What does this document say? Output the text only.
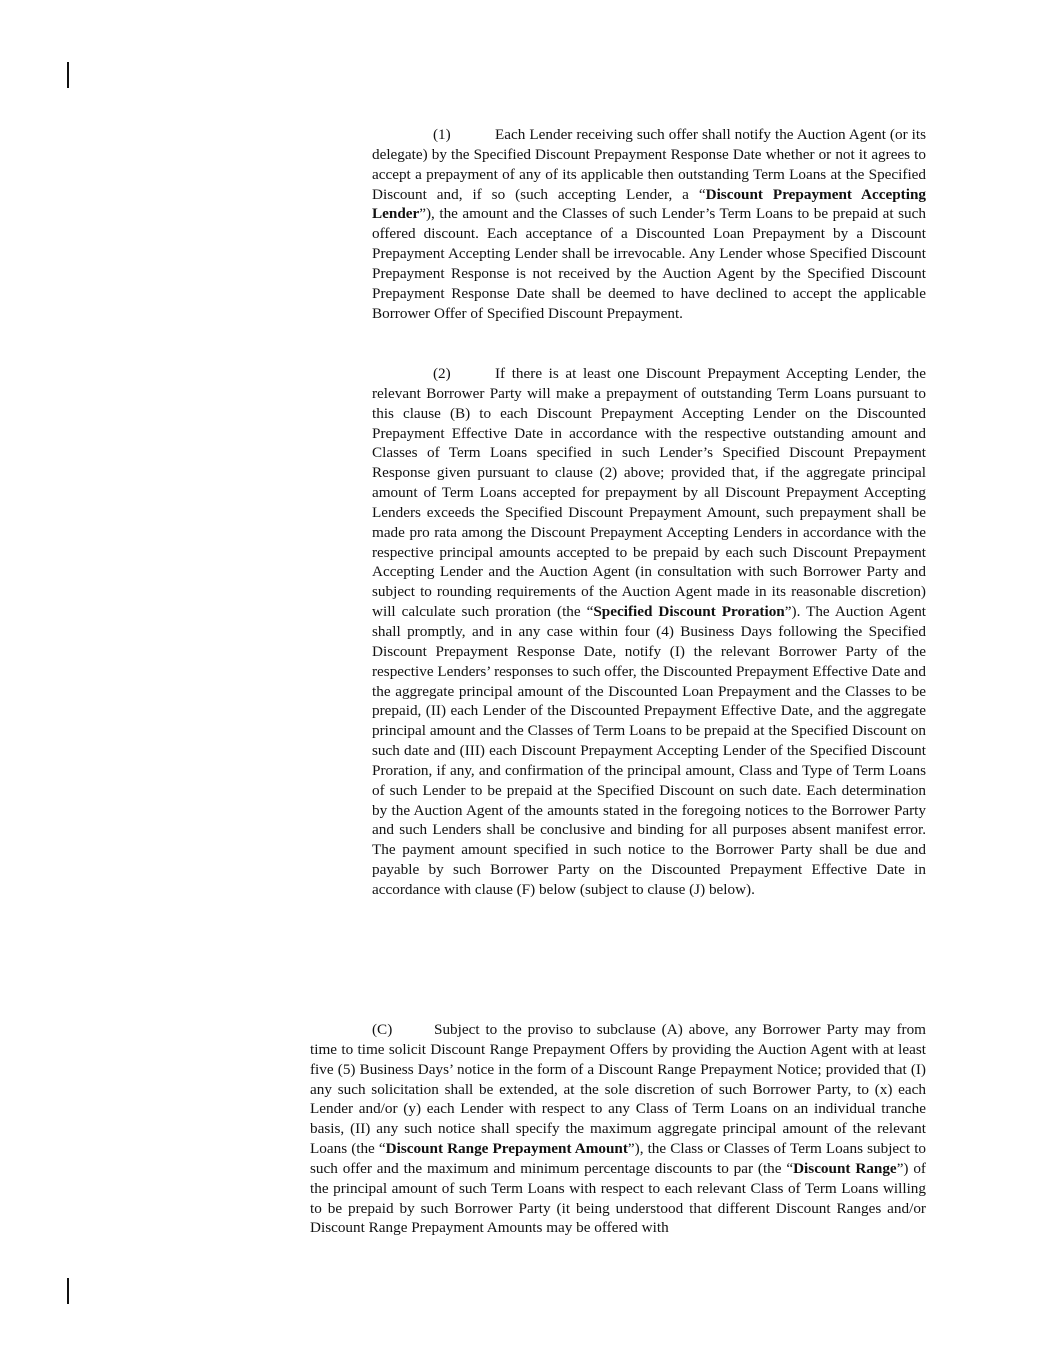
(1)	Each Lender receiving such offer shall notify the Auction Agent (or its delegate) by the Specified Discount Prepayment Response Date whether or not it agrees to accept a prepayment of any of its applicable then outstanding Term Loans at the Specified Discount and, if so (such accepting Lender, a “Discount Prepayment Accepting Lender”), the amount and the Classes of such Lender’s Term Loans to be prepaid at such offered discount. Each acceptance of a Discounted Loan Prepayment by a Discount Prepayment Accepting Lender shall be irrevocable. Any Lender whose Specified Discount Prepayment Response is not received by the Auction Agent by the Specified Discount Prepayment Response Date shall be deemed to have declined to accept the applicable Borrower Offer of Specified Discount Prepayment.

(2)	If there is at least one Discount Prepayment Accepting Lender, the relevant Borrower Party will make a prepayment of outstanding Term Loans pursuant to this clause (B) to each Discount Prepayment Accepting Lender on the Discounted Prepayment Effective Date in accordance with the respective outstanding amount and Classes of Term Loans specified in such Lender’s Specified Discount Prepayment Response given pursuant to clause (2) above; provided that, if the aggregate principal amount of Term Loans accepted for prepayment by all Discount Prepayment Accepting Lenders exceeds the Specified Discount Prepayment Amount, such prepayment shall be made pro rata among the Discount Prepayment Accepting Lenders in accordance with the respective principal amounts accepted to be prepaid by each such Discount Prepayment Accepting Lender and the Auction Agent (in consultation with such Borrower Party and subject to rounding requirements of the Auction Agent made in its reasonable discretion) will calculate such proration (the “Specified Discount Proration”). The Auction Agent shall promptly, and in any case within four (4) Business Days following the Specified Discount Prepayment Response Date, notify (I) the relevant Borrower Party of the respective Lenders’ responses to such offer, the Discounted Prepayment Effective Date and the aggregate principal amount of the Discounted Loan Prepayment and the Classes to be prepaid, (II) each Lender of the Discounted Prepayment Effective Date, and the aggregate principal amount and the Classes of Term Loans to be prepaid at the Specified Discount on such date and (III) each Discount Prepayment Accepting Lender of the Specified Discount Proration, if any, and confirmation of the principal amount, Class and Type of Term Loans of such Lender to be prepaid at the Specified Discount on such date. Each determination by the Auction Agent of the amounts stated in the foregoing notices to the Borrower Party and such Lenders shall be conclusive and binding for all purposes absent manifest error. The payment amount specified in such notice to the Borrower Party shall be due and payable by such Borrower Party on the Discounted Prepayment Effective Date in accordance with clause (F) below (subject to clause (J) below).

(C)	Subject to the proviso to subclause (A) above, any Borrower Party may from time to time solicit Discount Range Prepayment Offers by providing the Auction Agent with at least five (5) Business Days’ notice in the form of a Discount Range Prepayment Notice; provided that (I) any such solicitation shall be extended, at the sole discretion of such Borrower Party, to (x) each Lender and/or (y) each Lender with respect to any Class of Term Loans on an individual tranche basis, (II) any such notice shall specify the maximum aggregate principal amount of the relevant Loans (the “Discount Range Prepayment Amount”), the Class or Classes of Term Loans subject to such offer and the maximum and minimum percentage discounts to par (the “Discount Range”) of the principal amount of such Term Loans with respect to each relevant Class of Term Loans willing to be prepaid by such Borrower Party (it being understood that different Discount Ranges and/or Discount Range Prepayment Amounts may be offered with
